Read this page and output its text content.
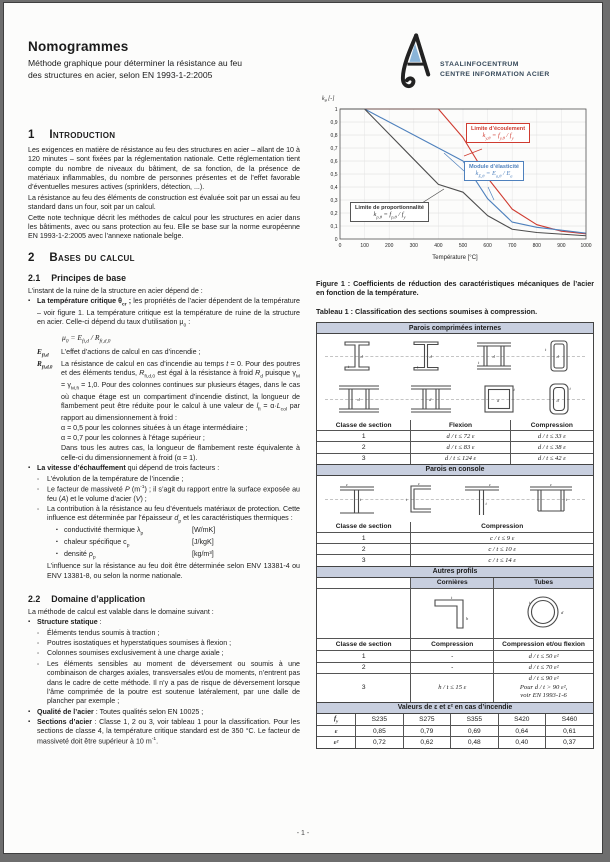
Nomogrammes
Méthode graphique pour déterminer la résistance au feu
des structures en acier, selon EN 1993-1-2:2005
STAALINFOCENTRUM
CENTRE INFORMATION ACIER
1 Introduction

Les exigences en matière de résistance au feu des structures en acier – allant de 10 à 120 minutes – sont fixées par la réglementation nationale. Cette réglementation tient compte du nombre de niveaux du bâtiment, de sa fonction, de la présence de matériaux inflammables, du nombre de personnes présentes et de l’effet favorable d’éventuelles mesures actives (sprinklers, détection, ...).

La résistance au feu des éléments de construction est évaluée soit par un essai au feu standard dans un four, soit par un calcul.

Cette note technique décrit les méthodes de calcul pour les structures en acier dans les bâtiments, avec ou sans protection au feu. Elle se base sur la norme européenne EN 1993-1-2:2005 avec l’annexe nationale belge.

2 Bases du calcul
2.1 Principes de base

L’instant de la ruine de la structure en acier dépend de :

▪ La température critique $\theta_{cr}$ ; les propriétés de l’acier dépendent de la température – voir figure 1. La température critique est la température de ruine de la structure en acier. Celle-ci dépend du taux d’utilisation $\mu_0$ :
$\mu_0 = E_{fi,d} / R_{fi,d,0}$
$E_{fi,d}$	L’effet d’actions de calcul en cas d’incendie ;
$R_{fi,d,0}$	La résistance de calcul en cas d’incendie au temps t = 0. Pour des poutres et des éléments tendus, $R_{fi,d,0}$ est égal à la résistance à froid $R_d$ puisque $\gamma_M = \gamma_{M,fi} = 1,0$. Pour des colonnes continues sur plusieurs étages, dans le cas où chaque étage est un compartiment d’incendie distinct, la longueur de flambement peut être réduite pour le calcul à une valeur de $l_{fi} = \alpha\cdot L_{col}$ par rapport au dimensionnement à froid :

α = 0,5 pour les colonnes situées à un étage intermédiaire ;

α = 0,7 pour les colonnes à l’étage supérieur ;

Dans tous les autres cas, la longueur de flambement reste équivalente à celle-ci du dimensionnement à froid (α = 1).

▪ La vitesse d’échauffement qui dépend de trois facteurs :
◦	L’évolution de la température de l’incendie ;
◦	Le facteur de massiveté P $(m^{-1})$ ; il s’agit du rapport entre la surface exposée au feu (A) et le volume d’acier (V) ;
◦	La contribution à la résistance au feu d’éventuels matériaux de protection. Cette influence est déterminée par l’épaisseur $d_p$ et les caractéristiques thermiques :
▪ conductivité thermique $\lambda_p$	[W/mK]
▪ chaleur spécifique $c_p$	[J/kgK]
▪ densité $\rho_p$	[kg/m³]

L’influence sur la résistance au feu doit être déterminée selon ENV 13381-4 ou ENV 13381-8, ou selon la norme nationale.

2.2 Domaine d’application

La méthode de calcul est valable dans le domaine suivant :

▪ Structure statique :
◦	Éléments tendus soumis à traction ;
◦	Poutres isostatiques et hyperstatiques soumises à flexion ;
◦	Colonnes soumises exclusivement à une charge axiale ;
◦	Les éléments sensibles au moment de déversement ou soumis à une combinaison de charges axiales, transversales et/ou de moments, n’entrent pas dans le cadre de cette méthode. Il n’y a pas de risque de déversement lorsque l’âme comprimée de la poutre est soutenue latéralement, par une dalle de plancher par exemple ;
▪ Qualité de l’acier : Toutes qualités selon EN 10025 ;
▪ Sections d’acier : Classe 1, 2 ou 3, voir tableau 1 pour la classification. Pour les sections de classe 4, la température critique standard est de 350 °C. Le facteur de massiveté doit être supérieur à 10 $m^{-1}$.
$k_\theta$ [-]
0
0,1
0,2
0,3
0,4
0,5
0,6
0,7
0,8
0,9
1
0	100	200	300	400	500	600	700	800	900	1000
Température [°C]
Limite d’écoulement
$k_{y,\theta} = f_{y,\theta} / f_y$
Module d’élasticité
$k_{E,\theta} = E_{a,\theta} / E_a$
Limite de proportionnalité
$k_{p,\theta} = f_{p,\theta} / f_y$
Figure 1 : Coefficients de réduction des caractéristiques mécaniques de l’acier en fonction de la température.
Tableau 1 : Classification des sections soumises à compression.
Parois comprimées internes
d
t
d
t
d
t
d
t
d	d	d
t
d
t
Classe de section	Flexion	Compression
1	d / t ≤ 72 ε	d / t ≤ 33 ε
2	d / t ≤ 83 ε	d / t ≤ 38 ε
3	d / t ≤ 124 ε	d / t ≤ 42 ε
Parois en console
c
t
c
t
c
t
c
t
Classe de section	Compression
1	c / t ≤ 9 ε
2	c / t ≤ 10 ε
3	c / t ≤ 14 ε
Autres profils
	Cornières	Tubes

h
t	d
t

Classe de section	Compression	Compression et/ou flexion
1	-	d / t ≤ 50 ε²
2	-	d / t ≤ 70 ε²
3	h / t ≤ 15 ε	d / t ≤ 90 ε²
Pour d / t > 90 ε²,
voir EN 1993-1-6
Valeurs de ε et ε² en cas d’incendie
$f_y$	S235	S275	S355	S420	S460
ε	0,85	0,79	0,69	0,64	0,61
ε²	0,72	0,62	0,48	0,40	0,37
- 1 -
